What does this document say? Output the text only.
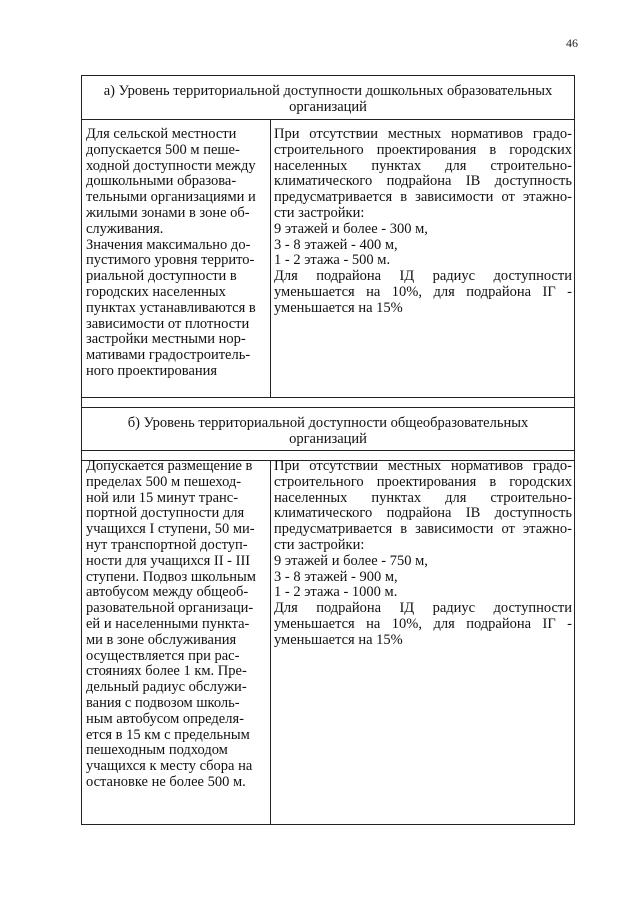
46
а) Уровень территориальной доступности дошкольных образовательных организаций
Для сельской местности
допускается 500 м пеше-
ходной доступности между
дошкольными образова-
тельными организациями и
жилыми зонами в зоне об-
служивания.
Значения максимально до-
пустимого уровня террито-
риальной доступности в
городских населенных
пунктах устанавливаются в
зависимости от плотности
застройки местными нор-
мативами градостроитель-
ного проектирования
При отсутствии местных нормативов градо-
строительного проектирования в городских
населенных пунктах для строительно-
климатического подрайона IВ доступность
предусматривается в зависимости от этажно-
сти застройки:
9 этажей и более - 300 м,
3 - 8 этажей - 400 м,
1 - 2 этажа - 500 м.
Для подрайона IД радиус доступности
уменьшается на 10%, для подрайона IГ -
уменьшается на 15%
б) Уровень территориальной доступности общеобразовательных организаций
Допускается размещение в
пределах 500 м пешеход-
ной или 15 минут транс-
портной доступности для
учащихся I ступени, 50 ми-
нут транспортной доступ-
ности для учащихся II - III
ступени. Подвоз школьным
автобусом между общеоб-
разовательной организаци-
ей и населенными пункта-
ми в зоне обслуживания
осуществляется при рас-
стояниях более 1 км. Пре-
дельный радиус обслужи-
вания с подвозом школь-
ным автобусом определя-
ется в 15 км с предельным
пешеходным подходом
учащихся к месту сбора на
остановке не более 500 м.
При отсутствии местных нормативов градо-
строительного проектирования в городских
населенных пунктах для строительно-
климатического подрайона IВ доступность
предусматривается в зависимости от этажно-
сти застройки:
9 этажей и более - 750 м,
3 - 8 этажей - 900 м,
1 - 2 этажа - 1000 м.
Для подрайона IД радиус доступности
уменьшается на 10%, для подрайона IГ -
уменьшается на 15%
